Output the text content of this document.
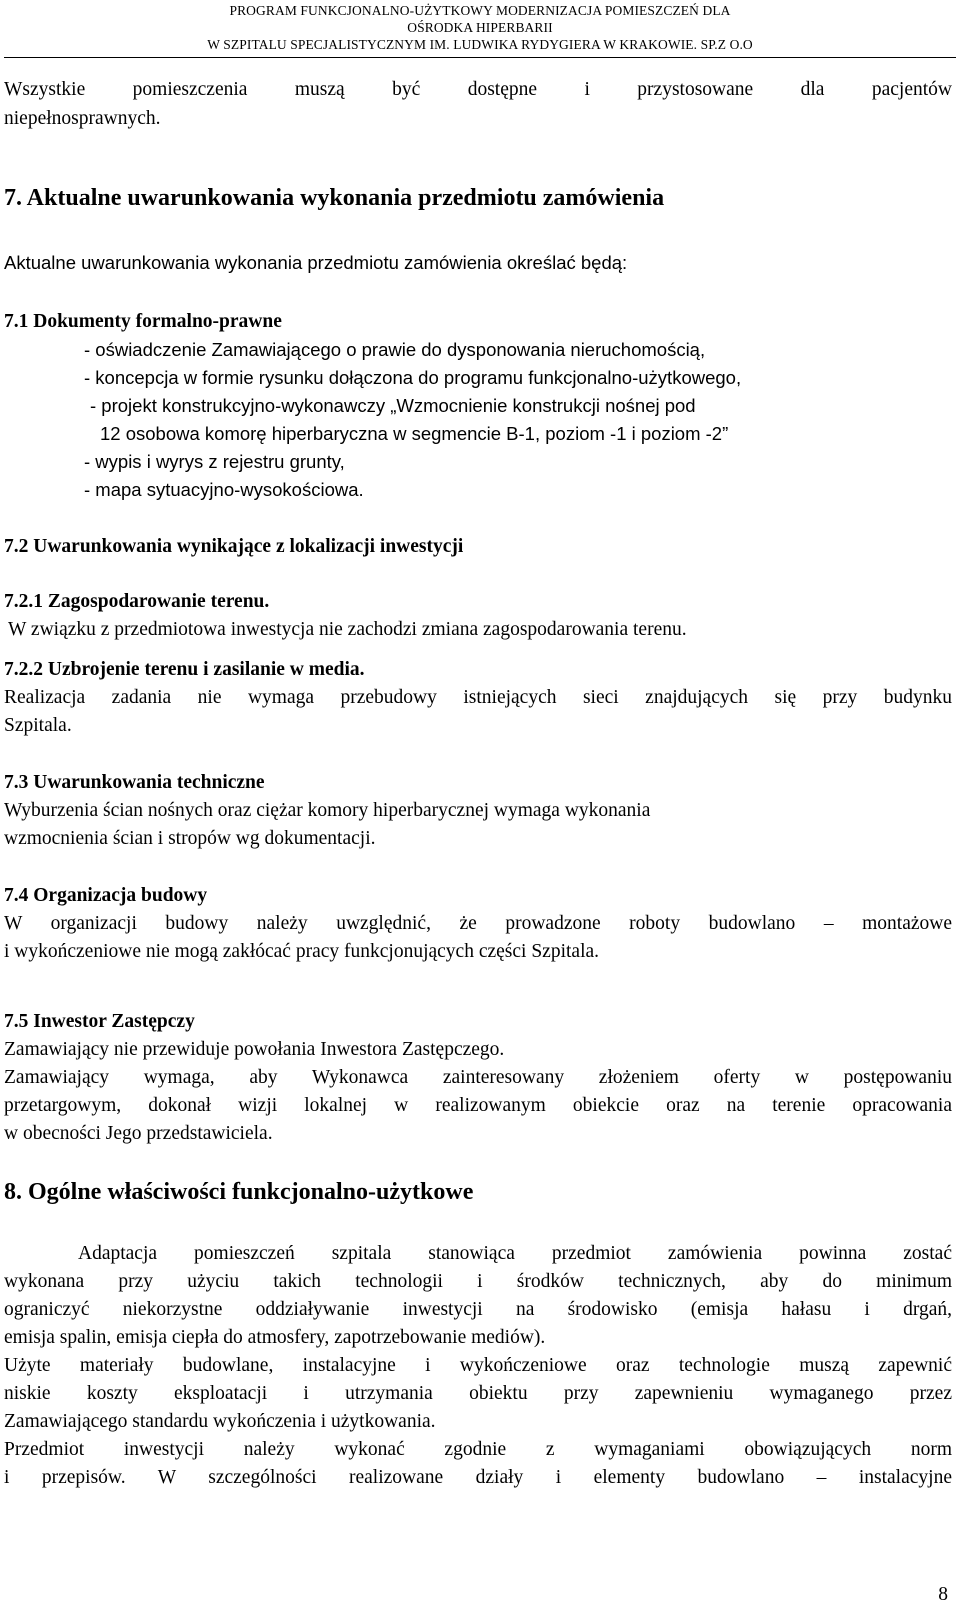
PROGRAM FUNKCJONALNO-UŻYTKOWY MODERNIZACJA POMIESZCZEŃ DLA
OŚRODKA HIPERBARII
W SZPITALU SPECJALISTYCZNYM IM. LUDWIKA RYDYGIERA W KRAKOWIE. SP.Z O.O
Wszystkie pomieszczenia muszą być dostępne i przystosowane dla pacjentów
niepełnosprawnych.
7. Aktualne uwarunkowania wykonania przedmiotu zamówienia
Aktualne uwarunkowania wykonania przedmiotu zamówienia określać będą:
7.1 Dokumenty formalno-prawne
- oświadczenie Zamawiającego o prawie do dysponowania nieruchomością,
- koncepcja w formie rysunku dołączona do programu funkcjonalno-użytkowego,
- projekt konstrukcyjno-wykonawczy „Wzmocnienie konstrukcji nośnej pod
12 osobowa komorę hiperbaryczna w segmencie B-1, poziom -1 i poziom -2”
- wypis i wyrys z rejestru grunty,
- mapa sytuacyjno-wysokościowa.
7.2 Uwarunkowania wynikające z lokalizacji inwestycji
7.2.1 Zagospodarowanie terenu.
W związku z przedmiotowa inwestycja nie zachodzi zmiana zagospodarowania terenu.
7.2.2 Uzbrojenie terenu i zasilanie w media.
Realizacja zadania nie wymaga przebudowy istniejących sieci znajdujących się przy budynku
Szpitala.
7.3 Uwarunkowania techniczne
Wyburzenia ścian nośnych oraz ciężar komory hiperbarycznej wymaga wykonania
wzmocnienia ścian i stropów wg dokumentacji.
7.4 Organizacja budowy
W organizacji budowy należy uwzględnić, że prowadzone roboty budowlano – montażowe
i wykończeniowe nie mogą zakłócać pracy funkcjonujących części Szpitala.
7.5 Inwestor Zastępczy
Zamawiający nie przewiduje powołania Inwestora Zastępczego.
Zamawiający wymaga, aby Wykonawca zainteresowany złożeniem oferty w postępowaniu
przetargowym, dokonał wizji lokalnej w realizowanym obiekcie oraz na terenie opracowania
w obecności Jego przedstawiciela.
8. Ogólne właściwości funkcjonalno-użytkowe
Adaptacja pomieszczeń szpitala stanowiąca przedmiot zamówienia powinna zostać
wykonana przy użyciu takich technologii i środków technicznych, aby do minimum
ograniczyć niekorzystne oddziaływanie inwestycji na środowisko (emisja hałasu i drgań,
emisja spalin, emisja ciepła do atmosfery, zapotrzebowanie mediów).
Użyte materiały budowlane, instalacyjne i wykończeniowe oraz technologie muszą zapewnić
niskie koszty eksploatacji i utrzymania obiektu przy zapewnieniu wymaganego przez
Zamawiającego standardu wykończenia i użytkowania.
Przedmiot inwestycji należy wykonać zgodnie z wymaganiami obowiązujących norm
i przepisów. W szczególności realizowane działy i elementy budowlano – instalacyjne
8
